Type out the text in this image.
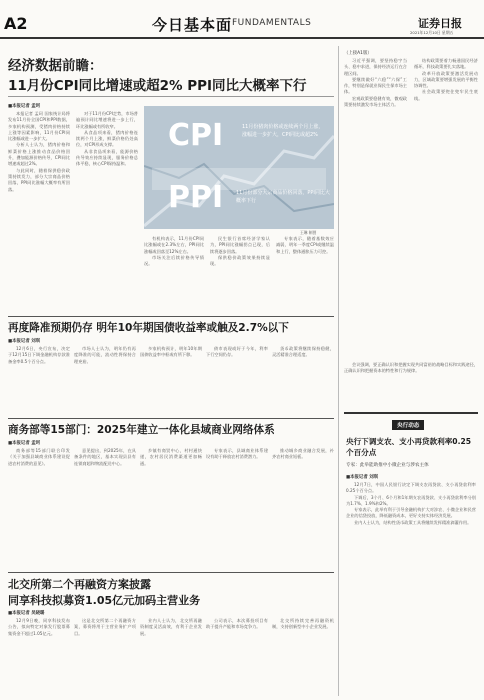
A2	今日基本面 FUNDAMENTALS	证券日报
2021年12月10日 星期五
经济数据前瞻：
11月份CPI同比增速或超2% PPI同比大概率下行
■本报记者 孟珂

本报记者 孟珂 国家统计局将发布11月份全国CPI和PPI数据，多家机构预测，受猪肉价格持续上涨等因素影响，11月份CPI同比涨幅或进一步扩大。

分析人士认为，猪肉价格和鲜菜价格上涨推动食品价格回升，叠加能源价格传导，CPI同比增速或超过2%。

与此同时，随着保供稳价政策持续发力，部分大宗商品价格回落，PPI同比涨幅大概率有所回落。

对于11月份CPI走势，市场普遍预计同比增速将进一步上行，环比涨幅或有所收窄。

从食品项来看，猪肉价格连续两个月上涨，鲜菜价格仍处高位，对CPI形成支撑。

从非食品项来看，能源价格传导效应持续显现，服务价格总体平稳，核心CPI保持温和。

CPI	11月份猪肉价格或连续两个月上涨，涨幅进一步扩大，CPI同比或超2%
PPI	11月份部分大宗商品价格回落，PPI同比大概率下行
王琳 制图

有机构表示，11月份CPI同比涨幅或在2.3%左右，PPI同比涨幅或回落至12%左右。

市场关注后续价格传导情况。

民生银行首席经济学家认为，PPI同比涨幅拐点已现，后续将逐步回落。

保供稳价政策效果持续显现。

专家表示，随着基数效应减弱，明年一季度CPI或继续温和上行，整体通胀压力可控。

再度降准预期仍存 明年10年期国债收益率或触及2.7%以下
■本报记者 刘琪

12月6日，央行宣布，决定于12月15日下调金融机构存款准备金率0.5个百分点。

市场人士认为，明年仍有再度降准的可能，流动性将保持合理充裕。

多家机构预计，明年10年期国债收益率中枢或有所下移。

债市表现或好于今年，利率下行空间仍存。

货币政策将继续保持稳健，灵活精准合理适度。

商务部等15部门：2025年建立一体化县域商业网络体系
■本报记者 孟珂

商务部等15部门联合印发《关于加强县域商业体系建设促进农村消费的意见》。

意见提出，到2025年，在具备条件的地区，基本实现县县有连锁商超和物流配送中心。

乡镇有商贸中心，村村通快递，农村居民消费渠道更加畅通。

专家表示，县域商业体系建设有助于释放农村消费潜力。

推动城乡商业融合发展，补齐农村商业短板。

北交所第二个再融资方案披露
同享科技拟募资1.05亿元加码主营业务
■本报记者 吴晓璐

12月9日晚，同享科技发布公告，拟向特定对象发行股票募集资金不超过1.05亿元。

这是北交所第二个再融资方案，募资将用于主营业务扩产项目。

业内人士认为，北交所再融资制度灵活高效，有利于企业发展。

公司表示，本次募投项目有助于提升产能和市场竞争力。

北交所持续完善再融资机制，支持创新型中小企业发展。

（上接A1版）

习近平强调，要坚持稳字当头、稳中求进，保持经济运行在合理区间。

要继续做好“六稳”“六保”工作，特别是保就业保民生保市场主体。

宏观政策要稳健有效，微观政策要持续激发市场主体活力。

结构政策要着力畅通国民经济循环，科技政策要扎实落地。

改革开放政策要激活发展动力，区域政策要增强发展的平衡性协调性。

社会政策要兜住兜牢民生底线。

会议强调，要正确认识和把握实现共同富裕的战略目标和实践途径，正确认识和把握资本的特性和行为规律。

央行动态
央行下调支农、支小再贷款利率0.25个百分点
专家：此举能助推中小微企业与涉农主体
■本报记者 刘琪

12月7日，中国人民银行决定下调支农再贷款、支小再贷款利率0.25个百分点。

下调后，3个月、6个月和1年期支农再贷款、支小再贷款利率分别为1.7%、1.9%和2%。

专家表示，此举有利于引导金融机构扩大对涉农、小微企业和民营企业的信贷投放，降低融资成本，更好支持实体经济发展。

业内人士认为，结构性货币政策工具将继续发挥精准滴灌作用。
